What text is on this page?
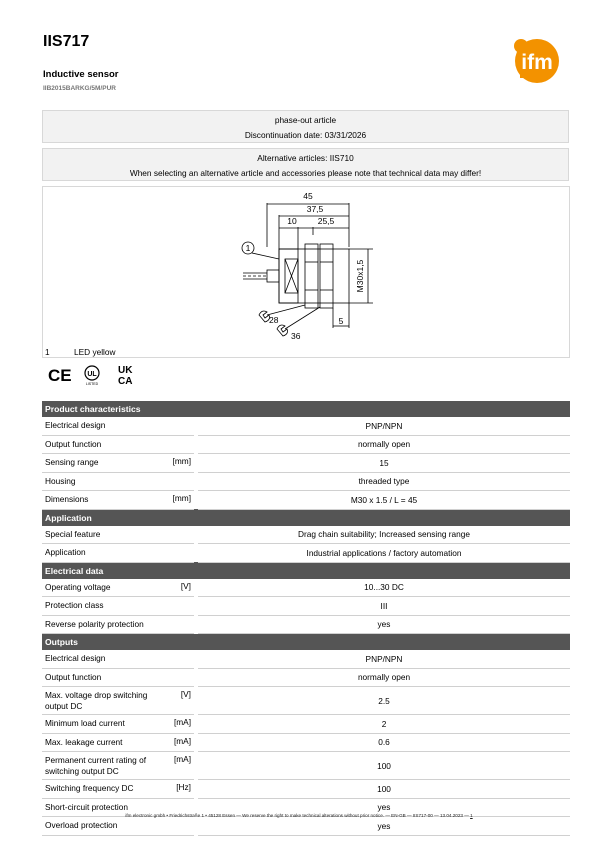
IIS717
Inductive sensor
IIB2015BARKG/5M/PUR
ifm
phase-out article
Discontinuation date: 03/31/2026
Alternative articles: IIS710
When selecting an alternative article and accessories please note that technical data may differ!
45
37,5
10 25,5
M30x1,5
5
28
36
1
1	LED yellow
CE UL
LISTED
UK
CA
Product characteristics			
Electrical design			PNP/NPN
Output function			normally open
Sensing range	[mm]		15
Housing			threaded type
Dimensions	[mm]		M30 x 1.5 / L = 45
Application			
Special feature			Drag chain suitability; Increased sensing range
Application			Industrial applications / factory automation
Electrical data			
Operating voltage	[V]		10...30 DC
Protection class			III
Reverse polarity protection			yes
Outputs			
Electrical design			PNP/NPN
Output function			normally open
Max. voltage drop switching output DC	[V]		2.5
Minimum load current	[mA]		2
Max. leakage current	[mA]		0.6
Permanent current rating of switching output DC	[mA]		100
Switching frequency DC	[Hz]		100
Short-circuit protection			yes
Overload protection			yes
ifm electronic gmbh • Friedrichstraße 1 • 45128 Essen — We reserve the right to make technical alterations without prior notice. — EN-GB — IIS717-00 — 13.04.2023 — 1
